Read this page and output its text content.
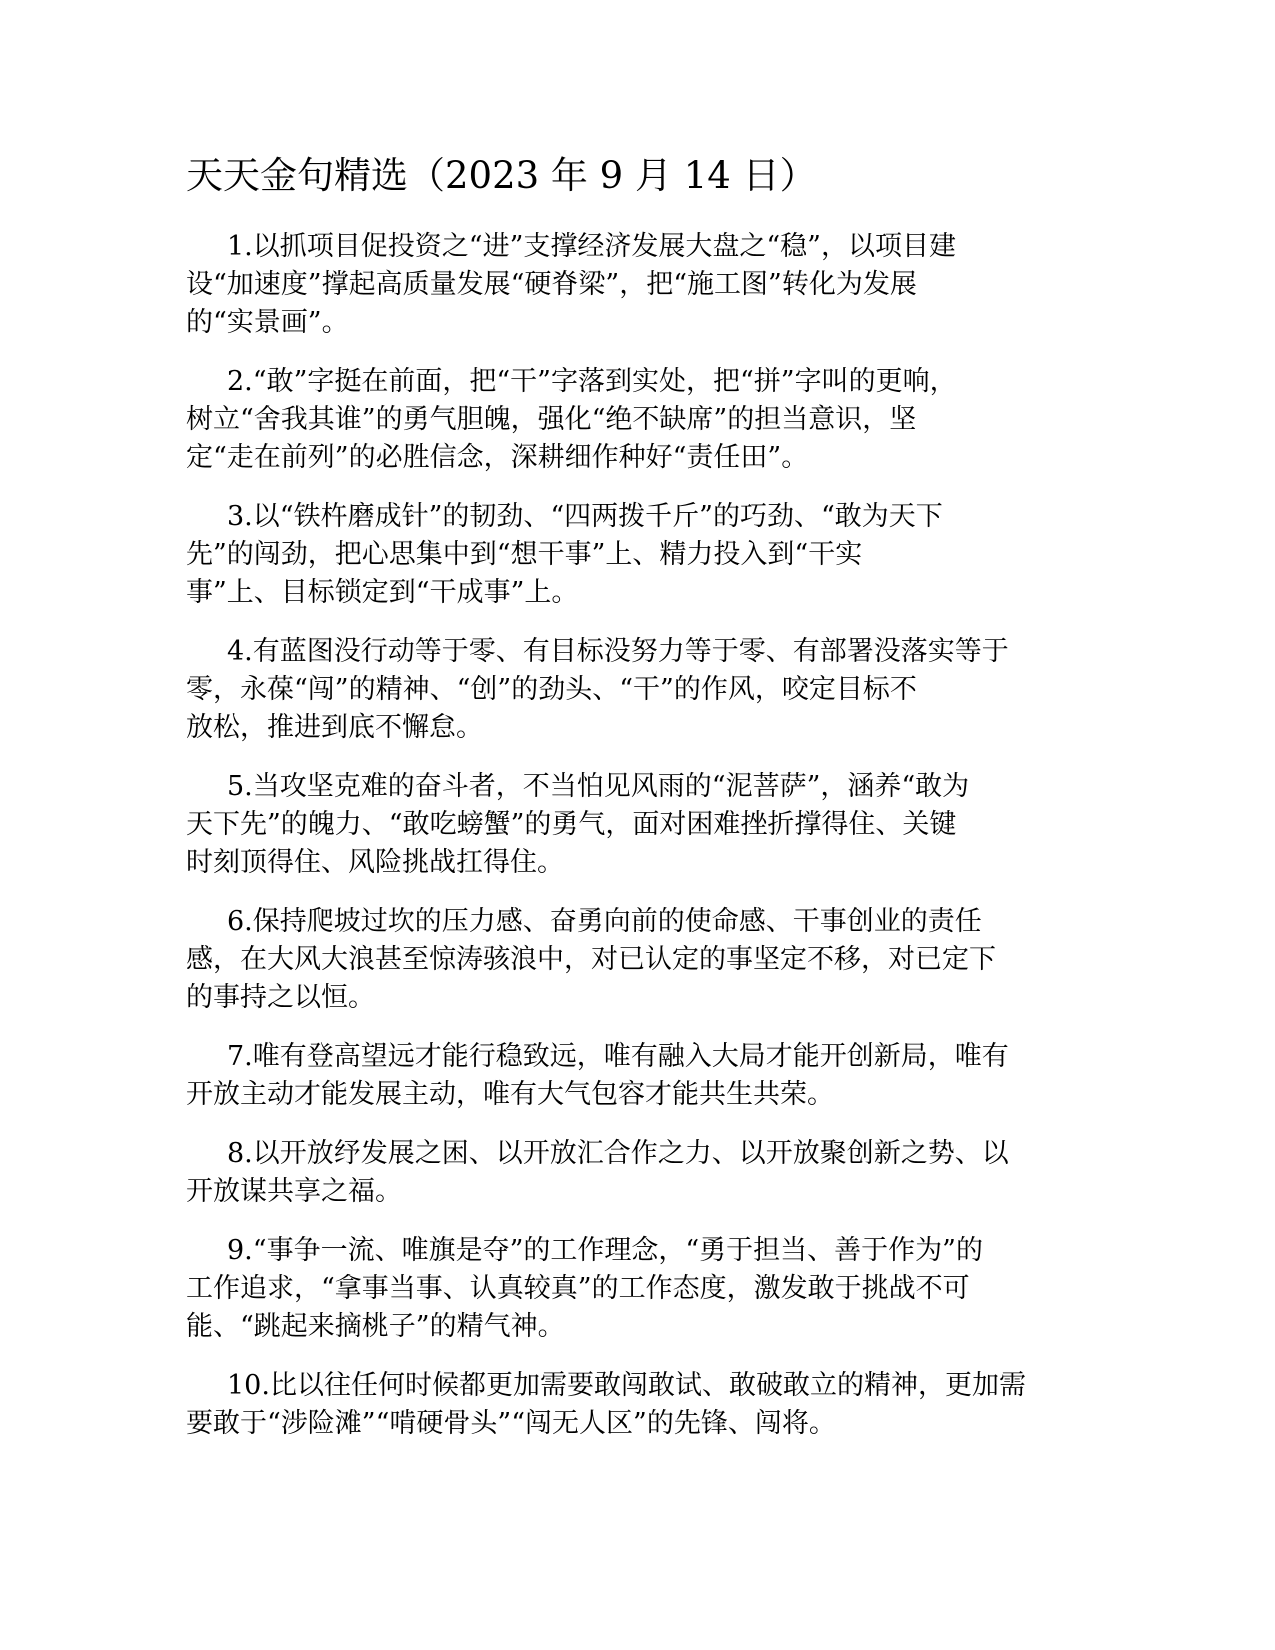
天天金句精选（2023 年 9 月 14 日）

1.以抓项目促投资之“进”支撑经济发展大盘之“稳”，以项目建
设“加速度”撑起高质量发展“硬脊梁”，把“施工图”转化为发展
的“实景画”。

2.“敢”字挺在前面，把“干”字落到实处，把“拼”字叫的更响，
树立“舍我其谁”的勇气胆魄，强化“绝不缺席”的担当意识，坚
定“走在前列”的必胜信念，深耕细作种好“责任田”。

3.以“铁杵磨成针”的韧劲、“四两拨千斤”的巧劲、“敢为天下
先”的闯劲，把心思集中到“想干事”上、精力投入到“干实
事”上、目标锁定到“干成事”上。

4.有蓝图没行动等于零、有目标没努力等于零、有部署没落实等于
零，永葆“闯”的精神、“创”的劲头、“干”的作风，咬定目标不
放松，推进到底不懈怠。

5.当攻坚克难的奋斗者，不当怕见风雨的“泥菩萨”，涵养“敢为
天下先”的魄力、“敢吃螃蟹”的勇气，面对困难挫折撑得住、关键
时刻顶得住、风险挑战扛得住。

6.保持爬坡过坎的压力感、奋勇向前的使命感、干事创业的责任
感，在大风大浪甚至惊涛骇浪中，对已认定的事坚定不移，对已定下
的事持之以恒。

7.唯有登高望远才能行稳致远，唯有融入大局才能开创新局，唯有
开放主动才能发展主动，唯有大气包容才能共生共荣。

8.以开放纾发展之困、以开放汇合作之力、以开放聚创新之势、以
开放谋共享之福。

9.“事争一流、唯旗是夺”的工作理念，“勇于担当、善于作为”的
工作追求，“拿事当事、认真较真”的工作态度，激发敢于挑战不可
能、“跳起来摘桃子”的精气神。

10.比以往任何时候都更加需要敢闯敢试、敢破敢立的精神，更加需
要敢于“涉险滩”“啃硬骨头”“闯无人区”的先锋、闯将。
